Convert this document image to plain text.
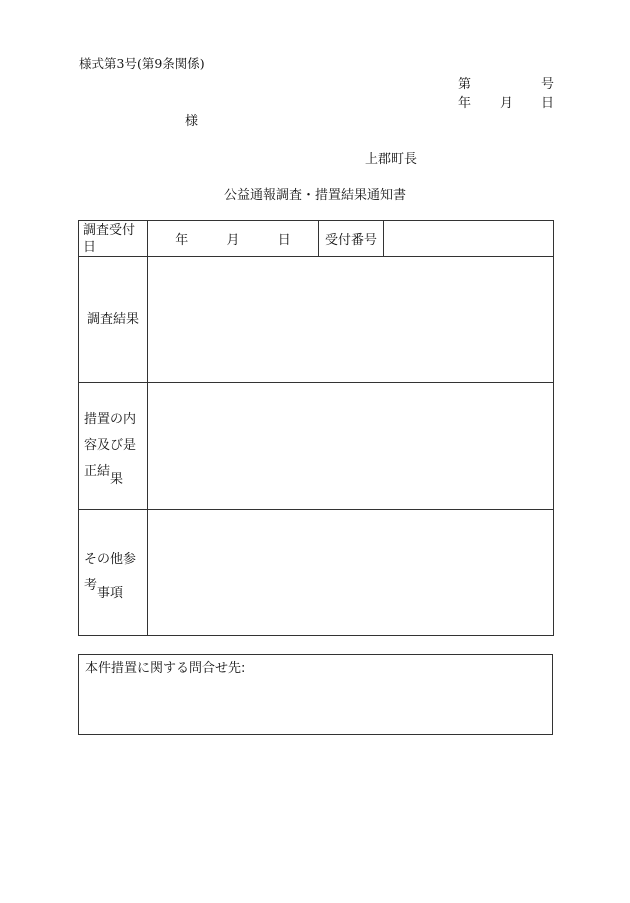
様式第3号(第9条関係)
第	号
年 月 日
様
上郡町長
公益通報調査・措置結果通知書
調査受付
日	年 月 日	受付番号	

調査結果			

措置の内
容及び是
正結果			

その他参
考事項			

本件措置に関する問合せ先:
